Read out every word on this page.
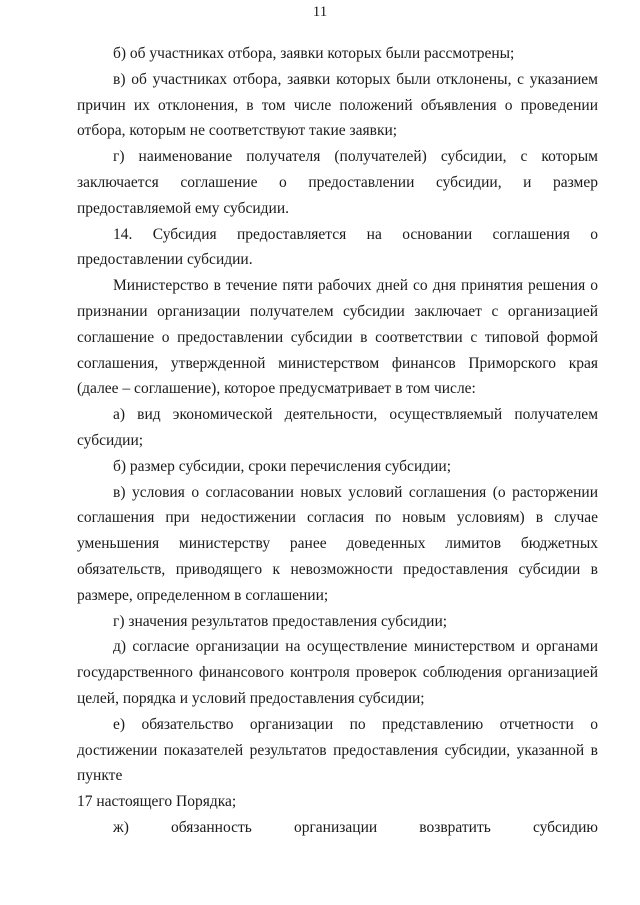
11

б) об участниках отбора, заявки которых были рассмотрены;

в) об участниках отбора, заявки которых были отклонены, с указанием причин их отклонения, в том числе положений объявления о проведении отбора, которым не соответствуют такие заявки;

г) наименование получателя (получателей) субсидии, с которым заключается соглашение о предоставлении субсидии, и размер предоставляемой ему субсидии.

14. Субсидия предоставляется на основании соглашения о предоставлении субсидии.

Министерство в течение пяти рабочих дней со дня принятия решения о признании организации получателем субсидии заключает с организацией соглашение о предоставлении субсидии в соответствии с типовой формой соглашения, утвержденной министерством финансов Приморского края (далее – соглашение), которое предусматривает в том числе:

а) вид экономической деятельности, осуществляемый получателем субсидии;

б) размер субсидии, сроки перечисления субсидии;

в) условия о согласовании новых условий соглашения (о расторжении соглашения при недостижении согласия по новым условиям) в случае уменьшения министерству ранее доведенных лимитов бюджетных обязательств, приводящего к невозможности предоставления субсидии в размере, определенном в соглашении;

г) значения результатов предоставления субсидии;

д) согласие организации на осуществление министерством и органами государственного финансового контроля проверок соблюдения организацией целей, порядка и условий предоставления субсидии;

е) обязательство организации по представлению отчетности о достижении показателей результатов предоставления субсидии, указанной в пункте

17 настоящего Порядка;

ж) обязанность организации возвратить субсидию
